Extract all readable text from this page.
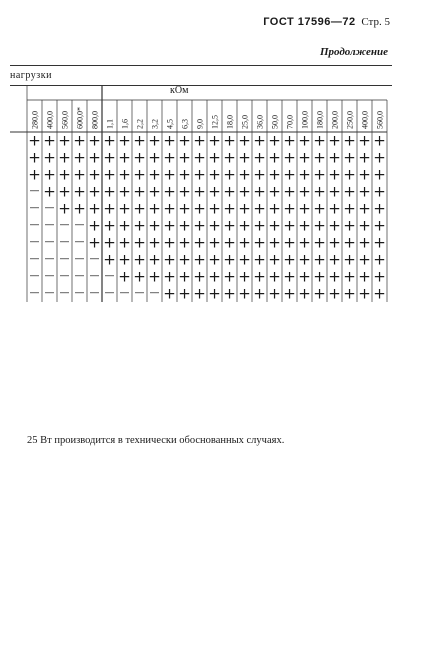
ГОСТ 17596—72 Стр. 5
Продолжение
нагрузки
кОм
280,0 400,0 560,0 600,0* 800,0 1,1 1,6 2,2 3,2 4,5 6,3 9,0 12,5 18,0 25,0 36,0 50,0 70,0 100,0 180,0 200,0 250,0 400,0 560,0
+ + + + + + + + + + + + + + + + + + + + + + + +
+ + + + + + + + + + + + + + + + + + + + + + + +
+ + + + + + + + + + + + + + + + + + + + + + + +
— + + + + + + + + + + + + + + + + + + + + + + +
— — + + + + + + + + + + + + + + + + + + + + + +
— — — — + + + + + + + + + + + + + + + + + + + +
— — — — + + + + + + + + + + + + + + + + + + + +
— — — — — + + + + + + + + + + + + + + + + + + +
— — — — — — + + + + + + + + + + + + + + + + + +
— — — — — — — — — + + + + + + + + + + + + + + +
25 Вт производится в технически обоснованных случаях.
